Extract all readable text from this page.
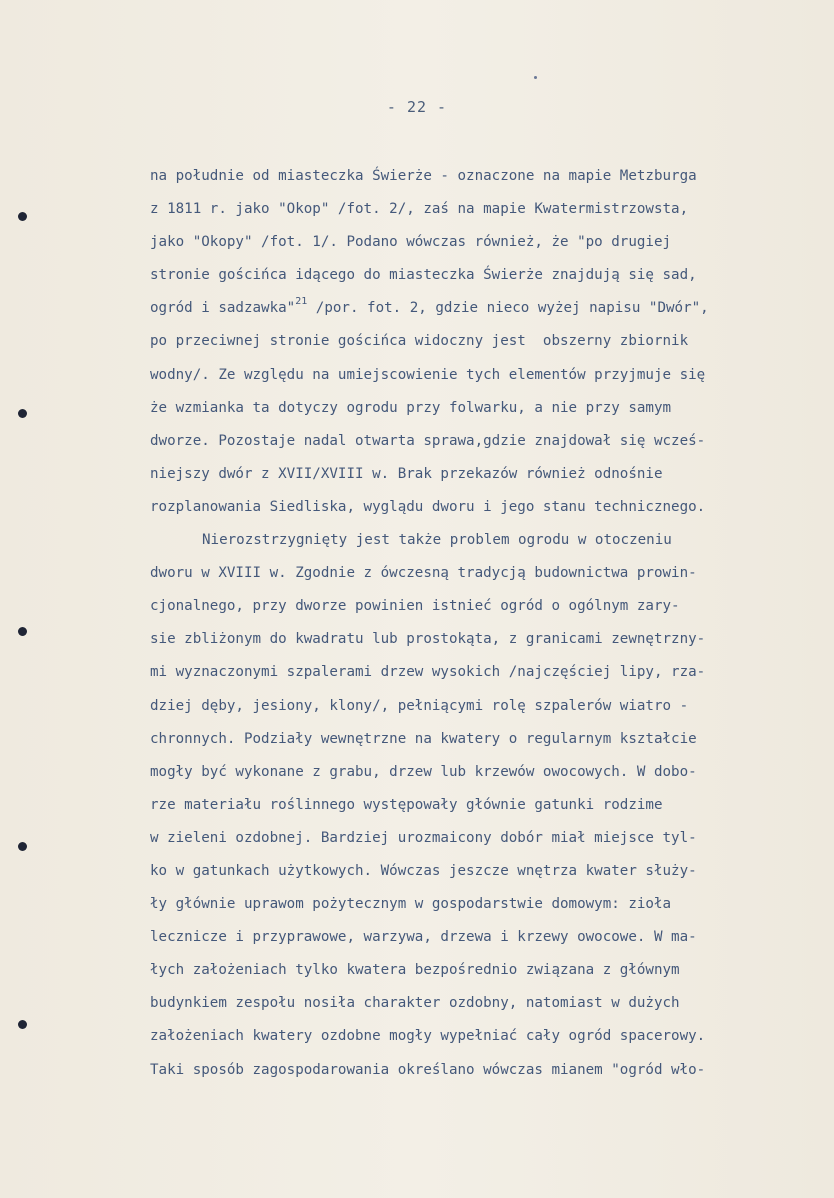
- 22 -
na południe od miasteczka Świerże - oznaczone na mapie Metzburga
z 1811 r. jako "Okop" /fot. 2/, zaś na mapie Kwatermistrzowsta,
jako "Okopy" /fot. 1/. Podano wówczas również, że "po drugiej
stronie gościńca idącego do miasteczka Świerże znajdują się sad,
ogród i sadzawka"$^{21}$ /por. fot. 2, gdzie nieco wyżej napisu "Dwór",
po przeciwnej stronie gościńca widoczny jest  obszerny zbiornik
wodny/. Ze względu na umiejscowienie tych elementów przyjmuje się
że wzmianka ta dotyczy ogrodu przy folwarku, a nie przy samym
dworze. Pozostaje nadal otwarta sprawa,gdzie znajdował się wcześ-
niejszy dwór z XVII/XVIII w. Brak przekazów również odnośnie
rozplanowania Siedliska, wyglądu dworu i jego stanu technicznego.
Nierozstrzygnięty jest także problem ogrodu w otoczeniu
dworu w XVIII w. Zgodnie z ówczesną tradycją budownictwa prowin-
cjonalnego, przy dworze powinien istnieć ogród o ogólnym zary-
sie zbliżonym do kwadratu lub prostokąta, z granicami zewnętrzny-
mi wyznaczonymi szpalerami drzew wysokich /najczęściej lipy, rza-
dziej dęby, jesiony, klony/, pełniącymi rolę szpalerów wiatro -
chronnych. Podziały wewnętrzne na kwatery o regularnym kształcie
mogły być wykonane z grabu, drzew lub krzewów owocowych. W dobo-
rze materiału roślinnego występowały głównie gatunki rodzime
w zieleni ozdobnej. Bardziej urozmaicony dobór miał miejsce tyl-
ko w gatunkach użytkowych. Wówczas jeszcze wnętrza kwater służy-
ły głównie uprawom pożytecznym w gospodarstwie domowym: zioła
lecznicze i przyprawowe, warzywa, drzewa i krzewy owocowe. W ma-
łych założeniach tylko kwatera bezpośrednio związana z głównym
budynkiem zespołu nosiła charakter ozdobny, natomiast w dużych
założeniach kwatery ozdobne mogły wypełniać cały ogród spacerowy.
Taki sposób zagospodarowania określano wówczas mianem "ogród wło-
